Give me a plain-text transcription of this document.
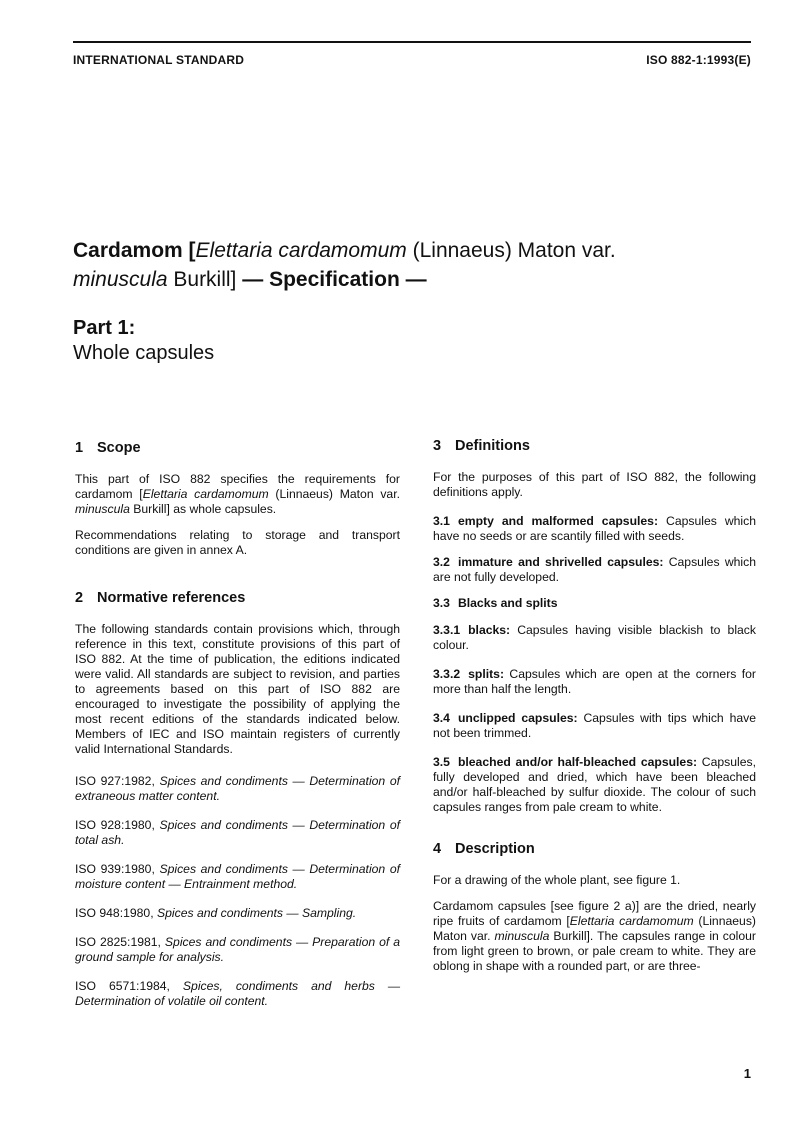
INTERNATIONAL STANDARD	ISO 882-1:1993(E)

Cardamom [Elettaria cardamomum (Linnaeus) Maton var.
minuscula Burkill] — Specification —

Part 1:

Whole capsules

1 Scope

This part of ISO 882 specifies the requirements for cardamom [Elettaria cardamomum (Linnaeus) Maton var. minuscula Burkill] as whole capsules.

Recommendations relating to storage and transport conditions are given in annex A.

2 Normative references

The following standards contain provisions which, through reference in this text, constitute provisions of this part of ISO 882. At the time of publication, the editions indicated were valid. All standards are subject to revision, and parties to agreements based on this part of ISO 882 are encouraged to investigate the possibility of applying the most recent editions of the standards indicated below. Members of IEC and ISO maintain registers of currently valid International Standards.

ISO 927:1982, Spices and condiments — Determination of extraneous matter content.

ISO 928:1980, Spices and condiments — Determination of total ash.

ISO 939:1980, Spices and condiments — Determination of moisture content — Entrainment method.

ISO 948:1980, Spices and condiments — Sampling.

ISO 2825:1981, Spices and condiments — Preparation of a ground sample for analysis.

ISO 6571:1984, Spices, condiments and herbs — Determination of volatile oil content.

3 Definitions

For the purposes of this part of ISO 882, the following definitions apply.

3.1 empty and malformed capsules: Capsules which have no seeds or are scantily filled with seeds.

3.2 immature and shrivelled capsules: Capsules which are not fully developed.

3.3 Blacks and splits

3.3.1 blacks: Capsules having visible blackish to black colour.

3.3.2 splits: Capsules which are open at the corners for more than half the length.

3.4 unclipped capsules: Capsules with tips which have not been trimmed.

3.5 bleached and/or half-bleached capsules: Capsules, fully developed and dried, which have been bleached and/or half-bleached by sulfur dioxide. The colour of such capsules ranges from pale cream to white.

4 Description

For a drawing of the whole plant, see figure 1.

Cardamom capsules [see figure 2 a)] are the dried, nearly ripe fruits of cardamom [Elettaria cardamomum (Linnaeus) Maton var. minuscula Burkill]. The capsules range in colour from light green to brown, or pale cream to white. They are oblong in shape with a rounded part, or are three-

1
